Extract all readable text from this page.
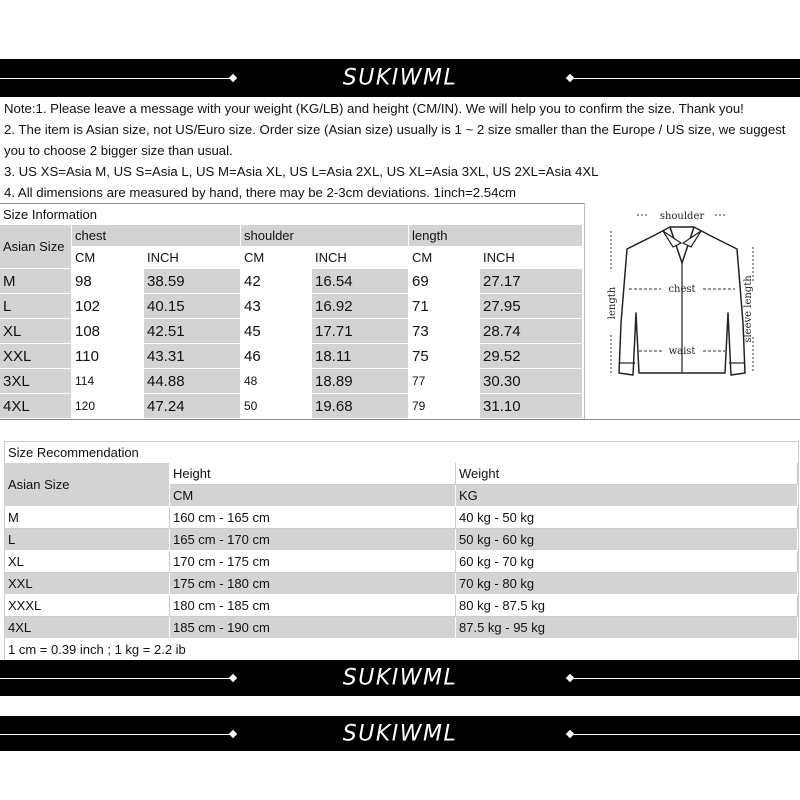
SUKIWML
Note:1. Please leave a message with your weight (KG/LB) and height (CM/IN). We will help you to confirm the size. Thank you!
2. The item is Asian size, not US/Euro size. Order size (Asian size) usually is 1 ~ 2 size smaller than the Europe / US size, we suggest
you to choose 2 bigger size than usual.
3. US XS=Asia M, US S=Asia L, US M=Asia XL, US L=Asia 2XL, US XL=Asia 3XL, US 2XL=Asia 4XL
4. All dimensions are measured by hand, there may be 2-3cm deviations. 1inch=2.54cm
Size Information
Asian Size
chest	shoulder	length
CM	INCH	CM	INCH	CM	INCH
M	98	38.59	42	16.54	69	27.17
L	102	40.15	43	16.92	71	27.95
XL	108	42.51	45	17.71	73	28.74
XXL	110	43.31	46	18.11	75	29.52
3XL	114	44.88	48	18.89	77	30.30
4XL	120	47.24	50	19.68	79	31.10
shoulder
chest
waist
length	sleeve length
Size Recommendation
Asian Size
Height	Weight
CM	KG
M	160 cm - 165 cm	40 kg - 50 kg
L	165 cm - 170 cm	50 kg - 60 kg
XL	170 cm - 175 cm	60 kg - 70 kg
XXL	175 cm - 180 cm	70 kg - 80 kg
XXXL	180 cm - 185 cm	80 kg - 87.5 kg
4XL	185 cm - 190 cm	87.5 kg - 95 kg
1 cm = 0.39 inch ; 1 kg = 2.2 ib
SUKIWML
SUKIWML
